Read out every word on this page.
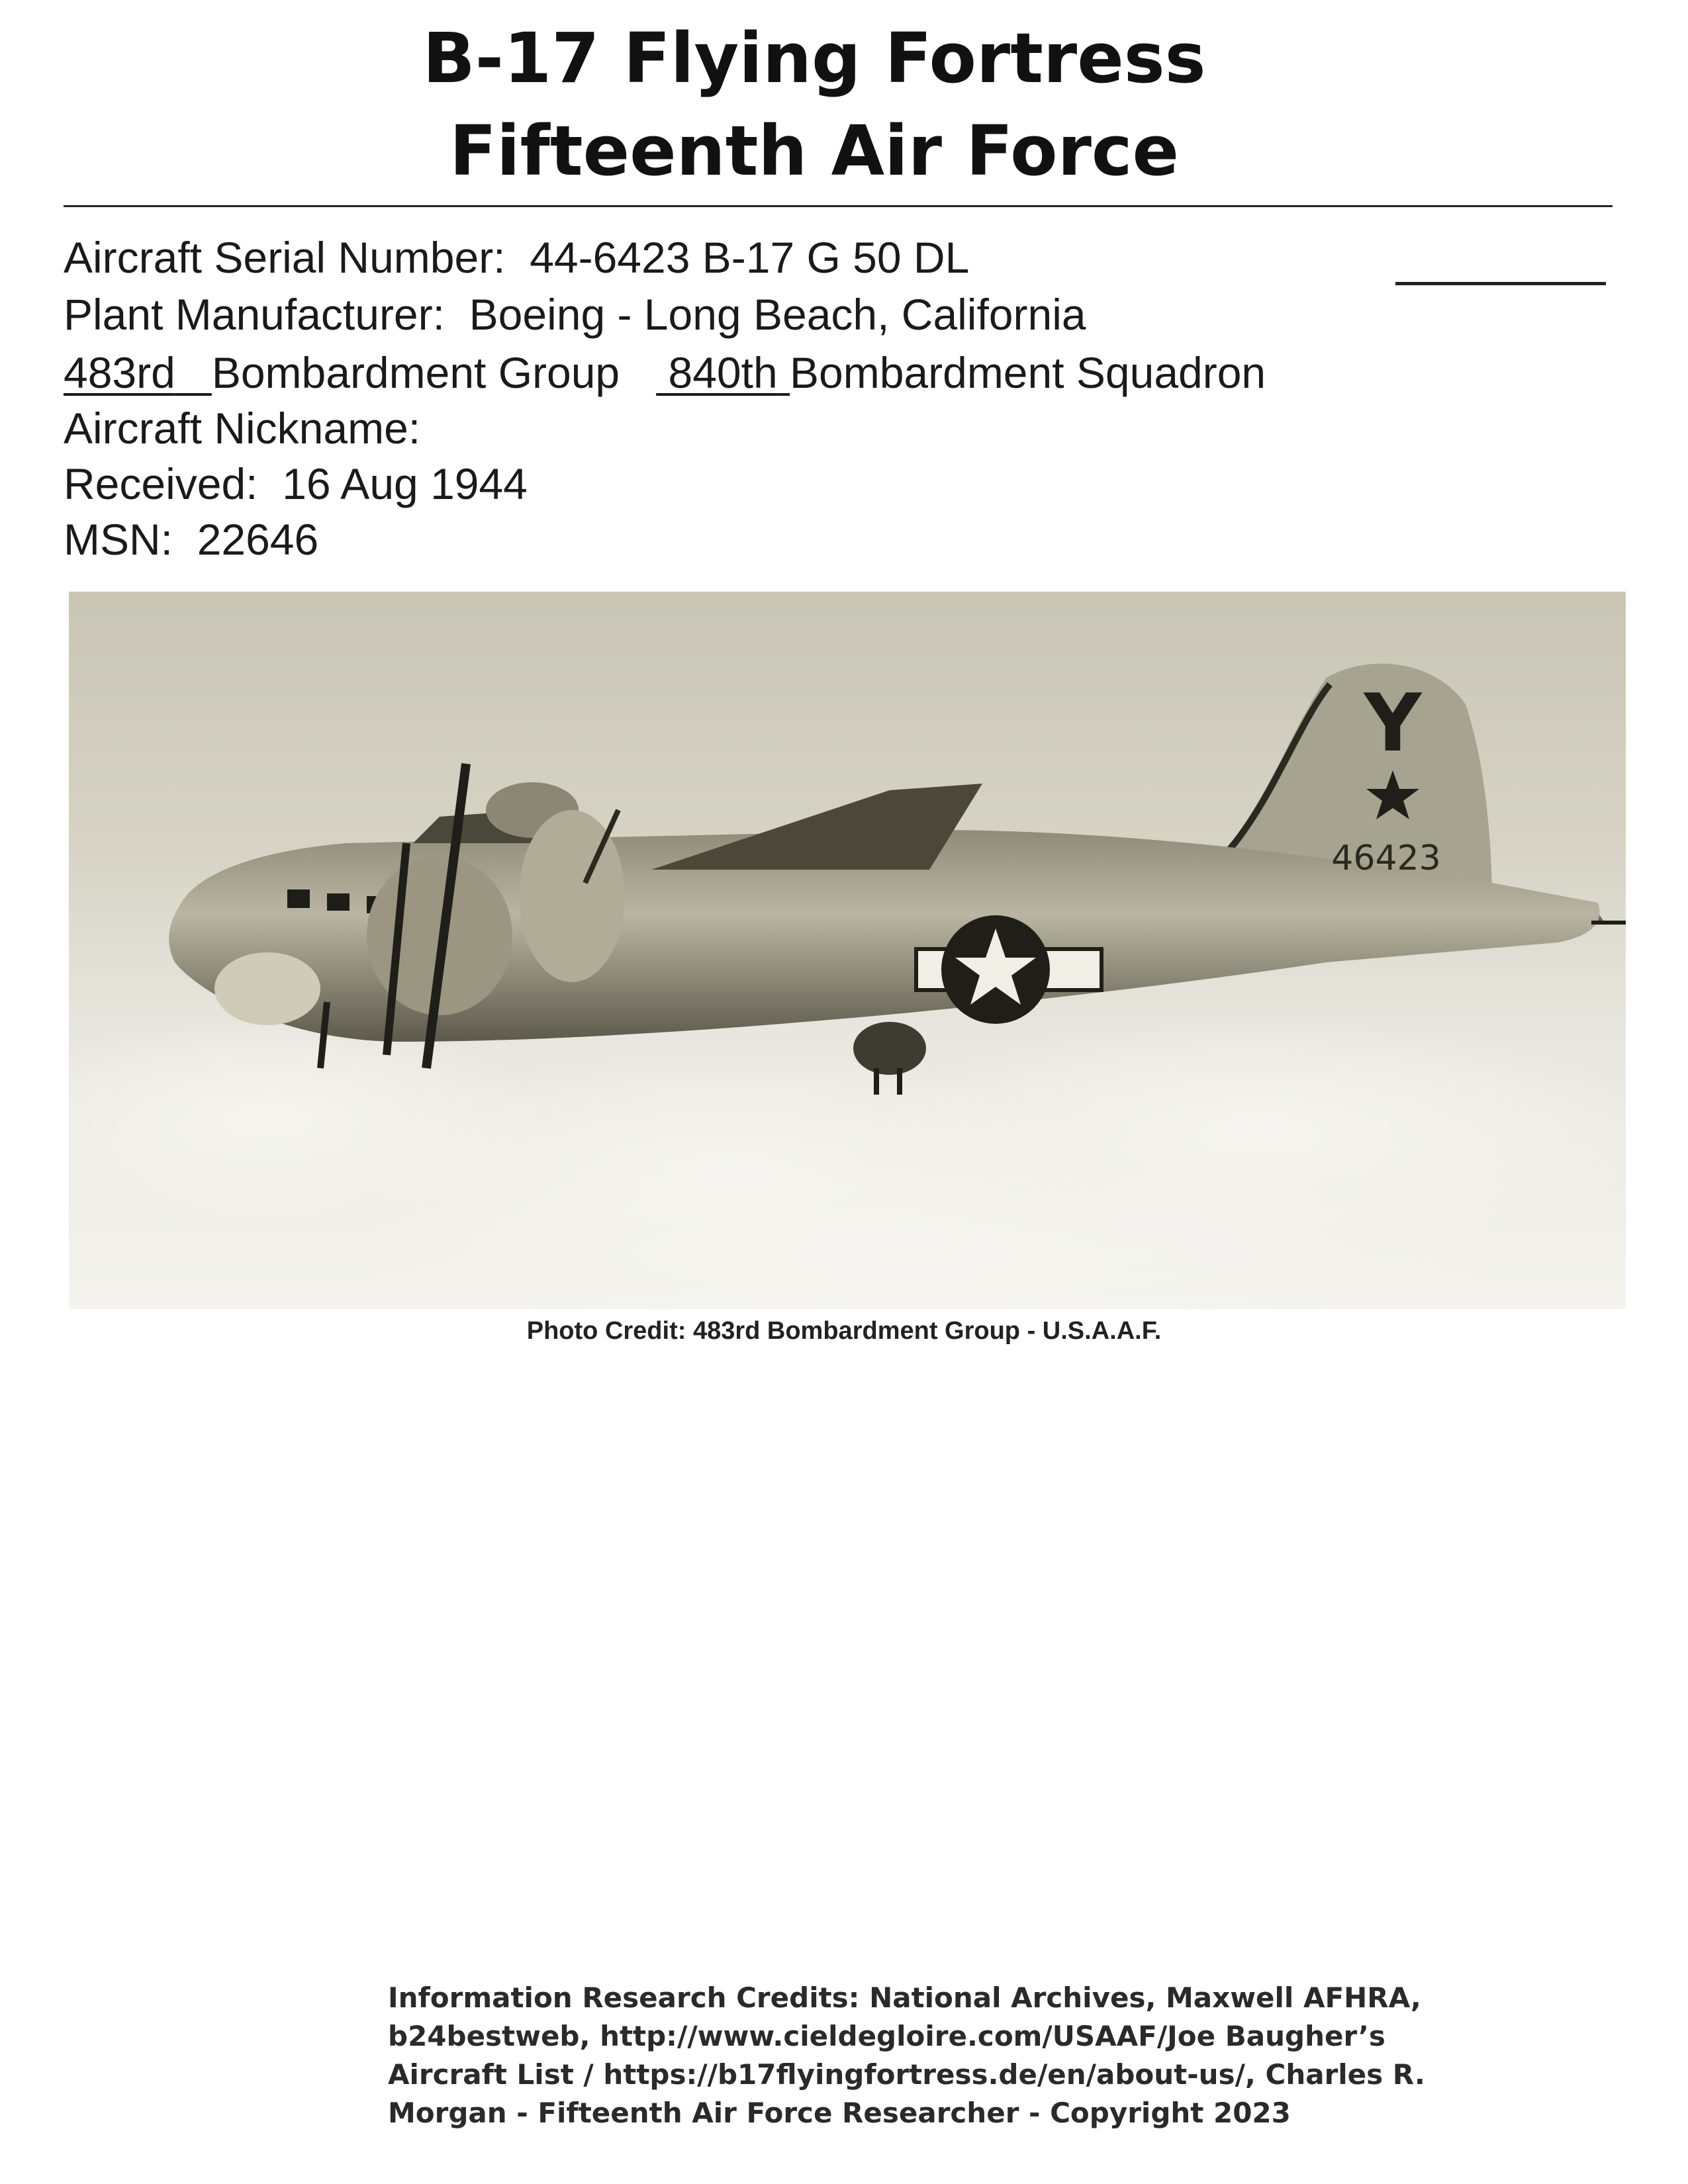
B-17 Flying Fortress
Fifteenth Air Force
Aircraft Serial Number: 44-6423 B-17 G 50 DL
Plant Manufacturer: Boeing - Long Beach, California
483rd Bombardment Group 840th Bombardment Squadron
Aircraft Nickname:
Received: 16 Aug 1944
MSN: 22646
Y
46423
Photo Credit: 483rd Bombardment Group - U.S.A.A.F.
Information Research Credits: National Archives, Maxwell AFHRA,
b24bestweb, http://www.cieldegloire.com/USAAF/Joe Baugher’s
Aircraft List / https://b17flyingfortress.de/en/about-us/, Charles R.
Morgan - Fifteenth Air Force Researcher - Copyright 2023
